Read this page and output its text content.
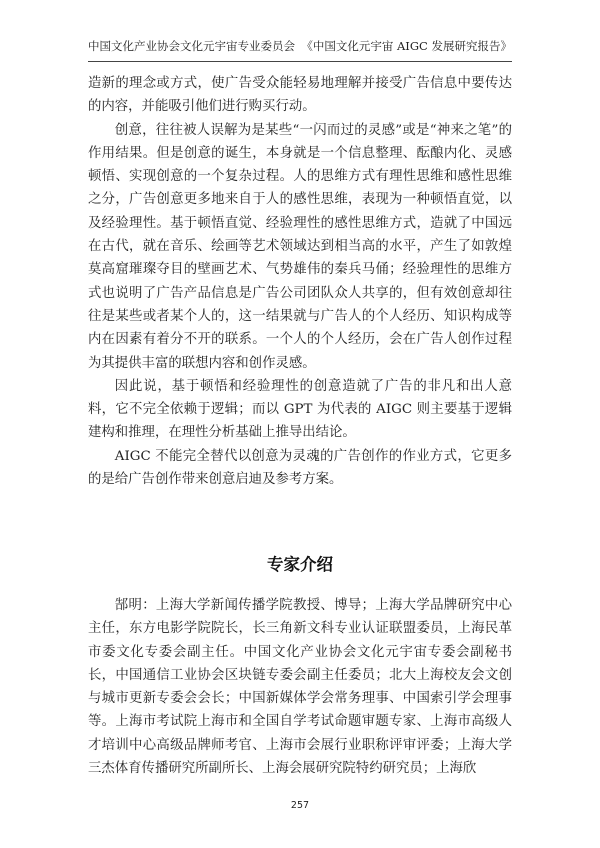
中国文化产业协会文化元宇宙专业委员会 《中国文化元宇宙 AIGC 发展研究报告》

造新的理念或方式，使广告受众能轻易地理解并接受广告信息中要传达的内容，并能吸引他们进行购买行动。

创意，往往被人误解为是某些“一闪而过的灵感”或是“神来之笔”的作用结果。但是创意的诞生，本身就是一个信息整理、酝酿内化、灵感顿悟、实现创意的一个复杂过程。人的思维方式有理性思维和感性思维之分，广告创意更多地来自于人的感性思维，表现为一种顿悟直觉，以及经验理性。基于顿悟直觉、经验理性的感性思维方式，造就了中国远在古代，就在音乐、绘画等艺术领域达到相当高的水平，产生了如敦煌莫高窟璀璨夺目的壁画艺术、气势雄伟的秦兵马俑；经验理性的思维方式也说明了广告产品信息是广告公司团队众人共享的，但有效创意却往往是某些或者某个人的，这一结果就与广告人的个人经历、知识构成等内在因素有着分不开的联系。一个人的个人经历，会在广告人创作过程为其提供丰富的联想内容和创作灵感。

因此说，基于顿悟和经验理性的创意造就了广告的非凡和出人意料，它不完全依赖于逻辑；而以 GPT 为代表的 AIGC 则主要基于逻辑建构和推理，在理性分析基础上推导出结论。

AIGC 不能完全替代以创意为灵魂的广告创作的作业方式，它更多的是给广告创作带来创意启迪及参考方案。

专家介绍

郜明：上海大学新闻传播学院教授、博导；上海大学品牌研究中心主任，东方电影学院院长，长三角新文科专业认证联盟委员，上海民革市委文化专委会副主任。中国文化产业协会文化元宇宙专委会副秘书长，中国通信工业协会区块链专委会副主任委员；北大上海校友会文创与城市更新专委会会长；中国新媒体学会常务理事、中国索引学会理事等。上海市考试院上海市和全国自学考试命题审题专家、上海市高级人才培训中心高级品牌师考官、上海市会展行业职称评审评委；上海大学三杰体育传播研究所副所长、上海会展研究院特约研究员；上海欣

257
